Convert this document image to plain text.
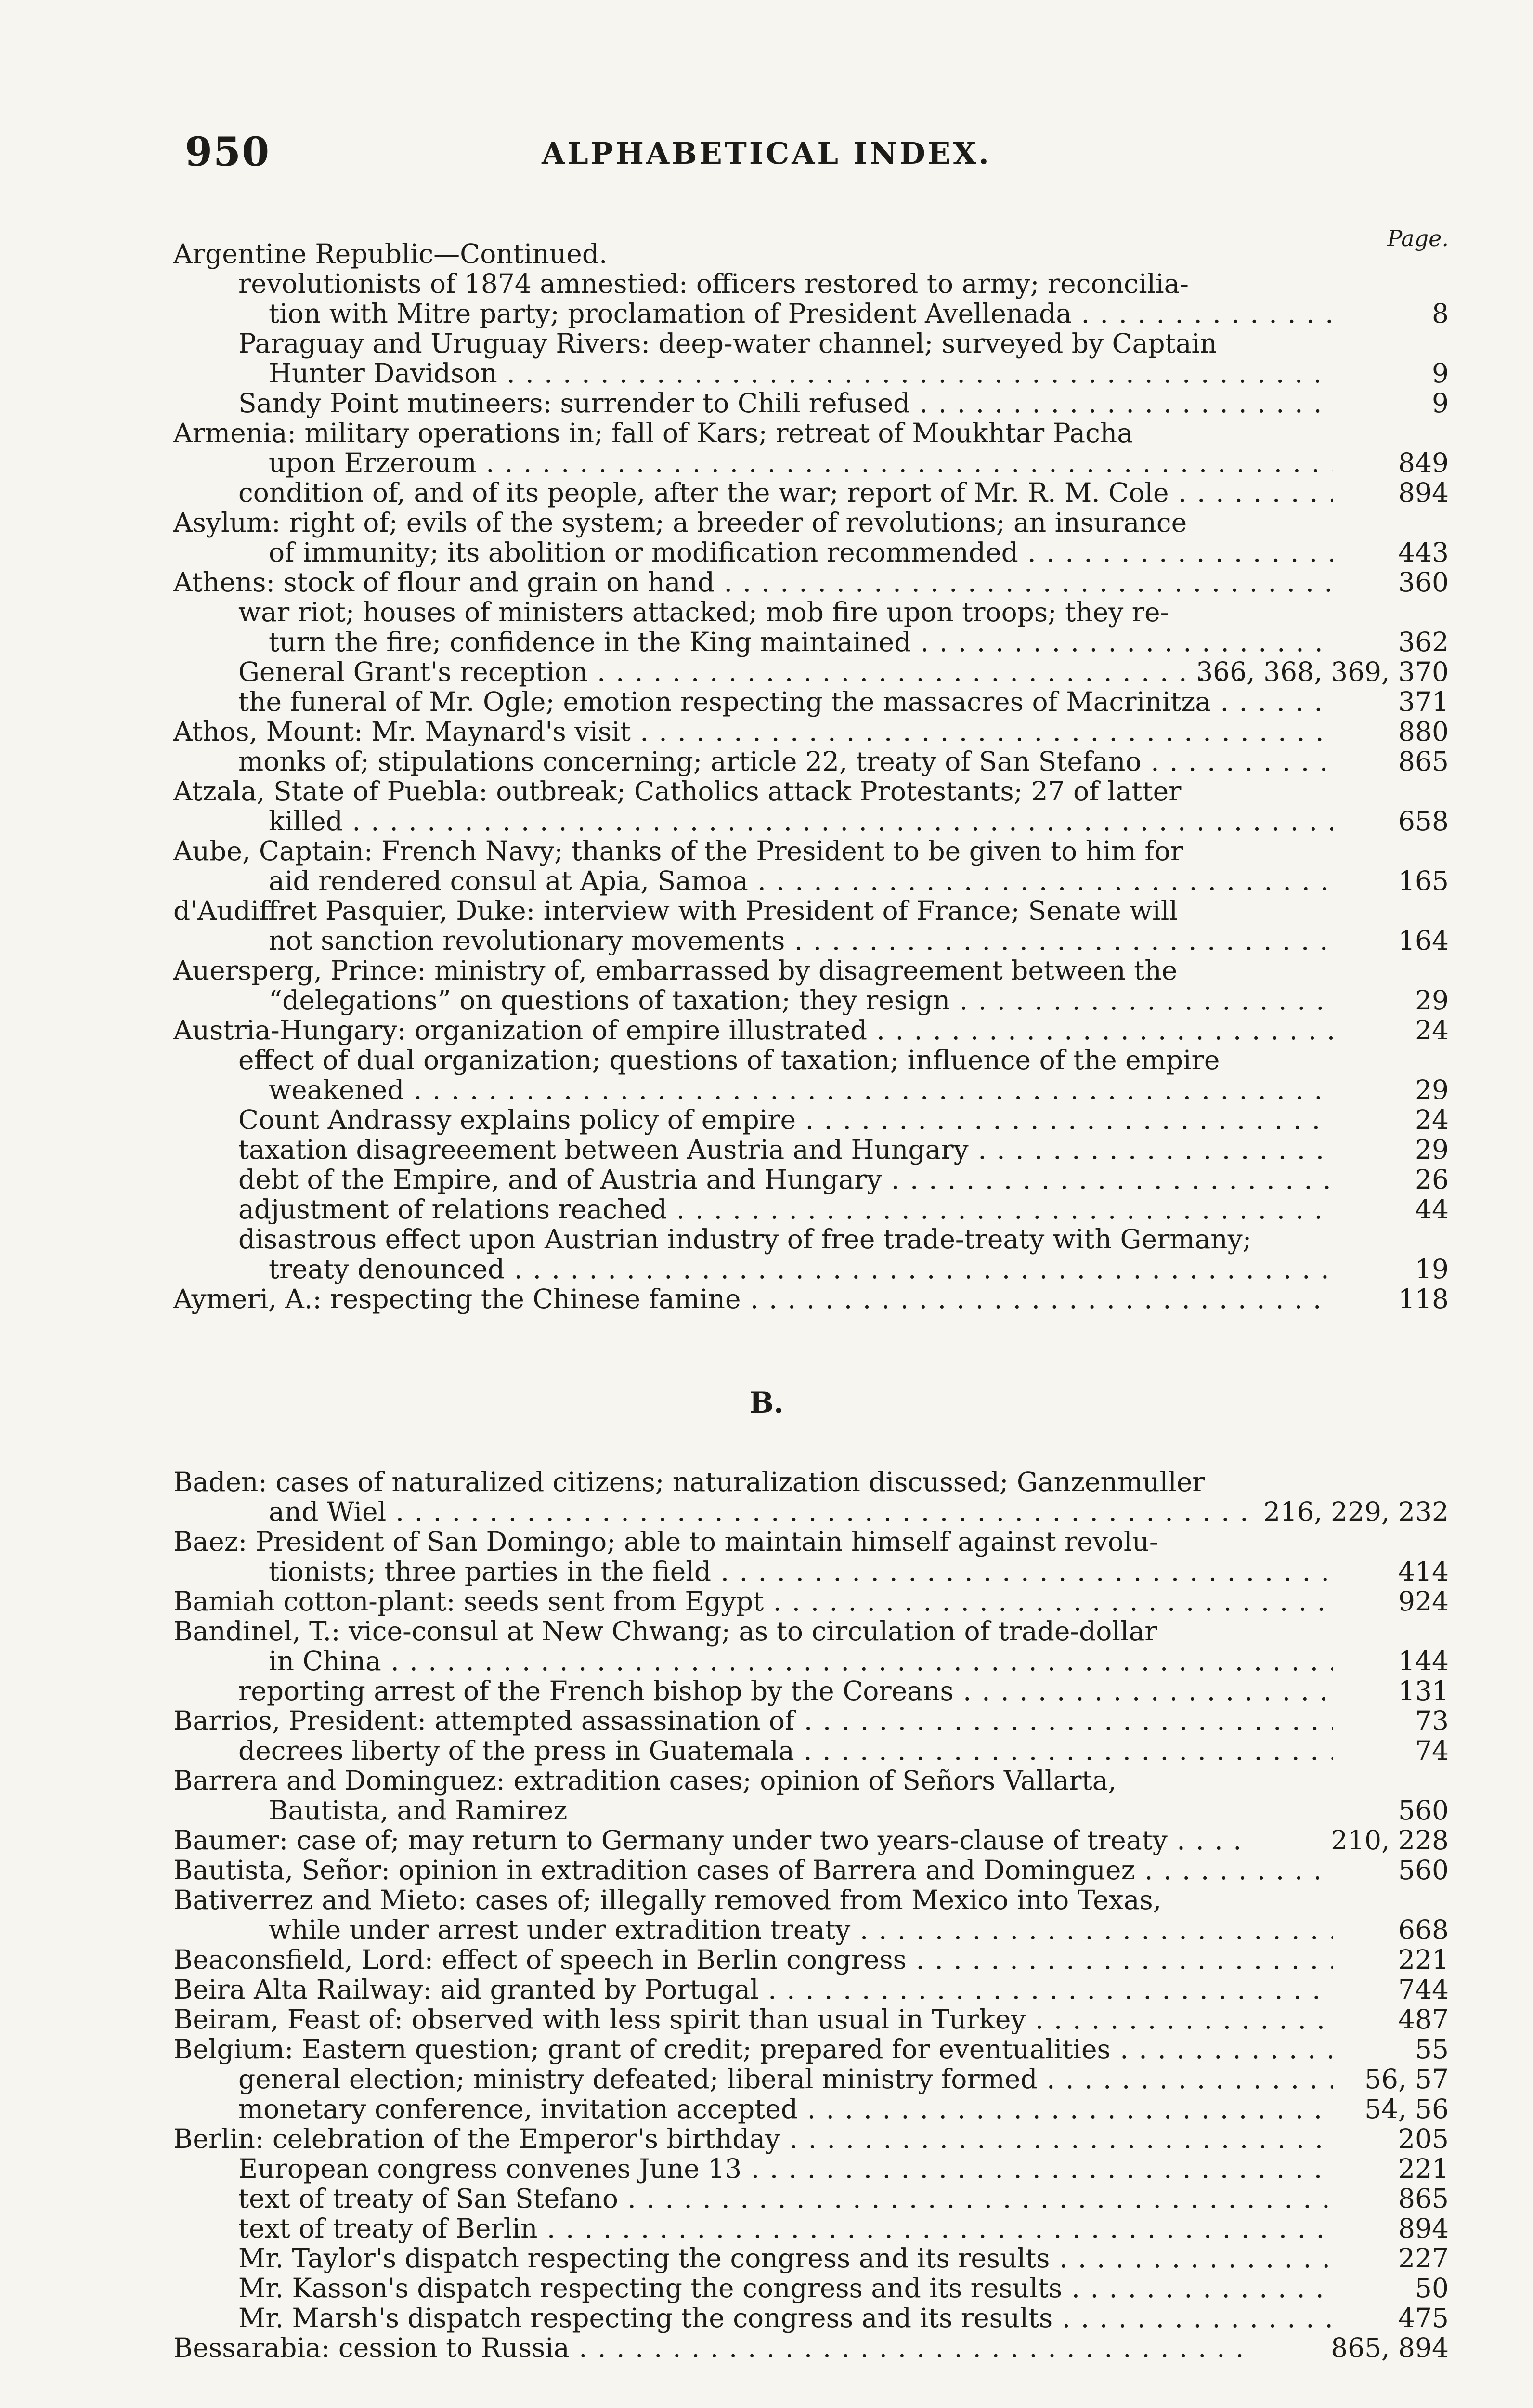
950	ALPHABETICAL INDEX.
Page.
Argentine Republic—Continued.
revolutionists of 1874 amnestied: officers restored to army; reconcilia-
tion with Mitre party; proclamation of President Avellenada . . .	8
Paraguay and Uruguay Rivers: deep-water channel; surveyed by Captain
Hunter Davidson . . .	9
Sandy Point mutineers: surrender to Chili refused . . .	9
Armenia: military operations in; fall of Kars; retreat of Moukhtar Pacha
upon Erzeroum . . .	849
condition of, and of its people, after the war; report of Mr. R. M. Cole . . .	894
Asylum: right of; evils of the system; a breeder of revolutions; an insurance
of immunity; its abolition or modification recommended . . .	443
Athens: stock of flour and grain on hand . . .	360
war riot; houses of ministers attacked; mob fire upon troops; they re-
turn the fire; confidence in the King maintained . . .	362
General Grant's reception . . .	366, 368, 369, 370
the funeral of Mr. Ogle; emotion respecting the massacres of Macrinitza . . .	371
Athos, Mount: Mr. Maynard's visit . . .	880
monks of; stipulations concerning; article 22, treaty of San Stefano . . .	865
Atzala, State of Puebla: outbreak; Catholics attack Protestants; 27 of latter
killed . . .	658
Aube, Captain: French Navy; thanks of the President to be given to him for
aid rendered consul at Apia, Samoa . . .	165
d'Audiffret Pasquier, Duke: interview with President of France; Senate will
not sanction revolutionary movements . . .	164
Auersperg, Prince: ministry of, embarrassed by disagreement between the
“delegations” on questions of taxation; they resign . . .	29
Austria-Hungary: organization of empire illustrated . . .	24
effect of dual organization; questions of taxation; influence of the empire
weakened . . .	29
Count Andrassy explains policy of empire . . .	24
taxation disagreeement between Austria and Hungary . . .	29
debt of the Empire, and of Austria and Hungary . . .	26
adjustment of relations reached . . .	44
disastrous effect upon Austrian industry of free trade-treaty with Germany;
treaty denounced . . .	19
Aymeri, A.: respecting the Chinese famine . . .	118
B.
Baden: cases of naturalized citizens; naturalization discussed; Ganzenmuller
and Wiel . . .	216, 229, 232
Baez: President of San Domingo; able to maintain himself against revolu-
tionists; three parties in the field . . .	414
Bamiah cotton-plant: seeds sent from Egypt . . .	924
Bandinel, T.: vice-consul at New Chwang; as to circulation of trade-dollar
in China . . .	144
reporting arrest of the French bishop by the Coreans . . .	131
Barrios, President: attempted assassination of . . .	73
decrees liberty of the press in Guatemala . . .	74
Barrera and Dominguez: extradition cases; opinion of Señors Vallarta,
Bautista, and Ramirez	560
Baumer: case of; may return to Germany under two years-clause of treaty . . .	210, 228
Bautista, Señor: opinion in extradition cases of Barrera and Dominguez . . .	560
Bativerrez and Mieto: cases of; illegally removed from Mexico into Texas,
while under arrest under extradition treaty . . .	668
Beaconsfield, Lord: effect of speech in Berlin congress . . .	221
Beira Alta Railway: aid granted by Portugal . . .	744
Beiram, Feast of: observed with less spirit than usual in Turkey . . .	487
Belgium: Eastern question; grant of credit; prepared for eventualities . . .	55
general election; ministry defeated; liberal ministry formed . . .	56, 57
monetary conference, invitation accepted . . .	54, 56
Berlin: celebration of the Emperor's birthday . . .	205
European congress convenes June 13 . . .	221
text of treaty of San Stefano . . .	865
text of treaty of Berlin . . .	894
Mr. Taylor's dispatch respecting the congress and its results . . .	227
Mr. Kasson's dispatch respecting the congress and its results . . .	50
Mr. Marsh's dispatch respecting the congress and its results . . .	475
Bessarabia: cession to Russia . . .	865, 894
